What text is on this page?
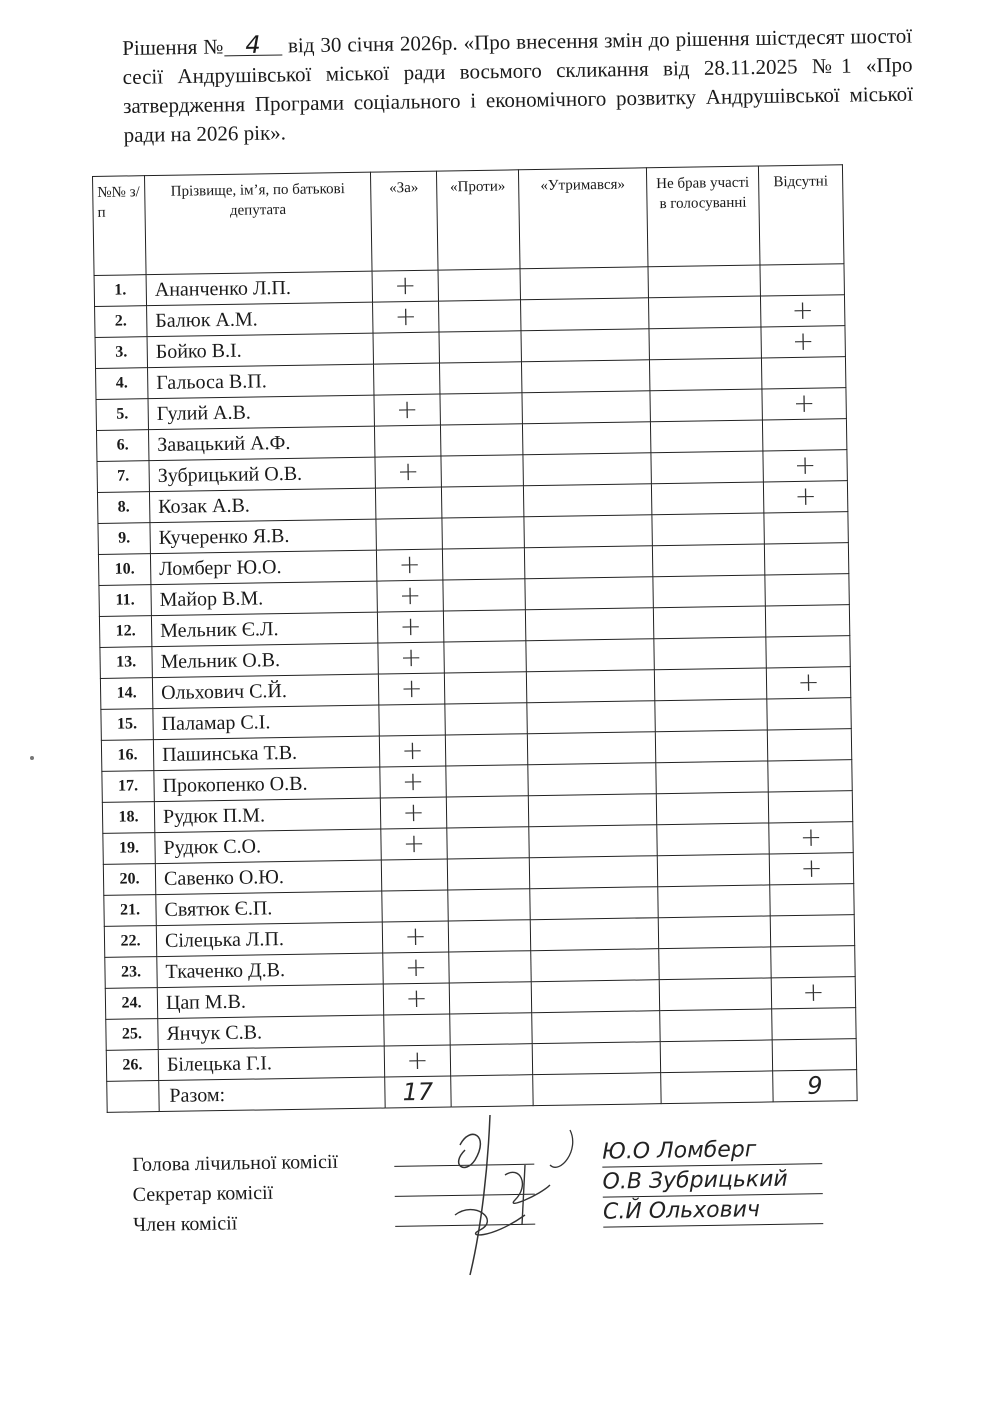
Рішення № 4 від 30 січня 2026р. «Про внесення змін до рішення шістдесят шостої сесії Андрушівської міської ради восьмого скликання від 28.11.2025 №1 «Про затвердження Програми соціального і економічного розвитку Андрушівської міської ради на 2026 рік».
№№ з/п	Прізвище, ім’я, по батькові депутата	«За»	«Проти»	«Утримався»	Не брав участі в голосуванні	Відсутні
1.	Ананченко Л.П.	+				
2.	Балюк А.М.	+				+
3.	Бойко В.І.					+
4.	Гальоса В.П.					
5.	Гулий А.В.	+				+
6.	Завацький А.Ф.					
7.	Зубрицький О.В.	+				+
8.	Козак А.В.					+
9.	Кучеренко Я.В.					
10.	Ломберг Ю.О.	+				
11.	Майор В.М.	+				
12.	Мельник Є.Л.	+				
13.	Мельник О.В.	+				
14.	Ольхович С.Й.	+				+
15.	Паламар С.І.					
16.	Пашинська Т.В.	+				
17.	Прокопенко О.В.	+				
18.	Рудюк П.М.	+				
19.	Рудюк С.О.	+				+
20.	Савенко О.Ю.					+
21.	Святюк Є.П.					
22.	Сілецька Л.П.	+				
23.	Ткаченко Д.В.	+				
24.	Цап М.В.	+				+
25.	Янчук С.В.					
26.	Білецька Г.І.	+				
	Разом:	17				9
Голова лічильної комісії	Ю.О Ломберг
Секретар комісії	О.В Зубрицький
Член комісії	С.Й Ольхович
